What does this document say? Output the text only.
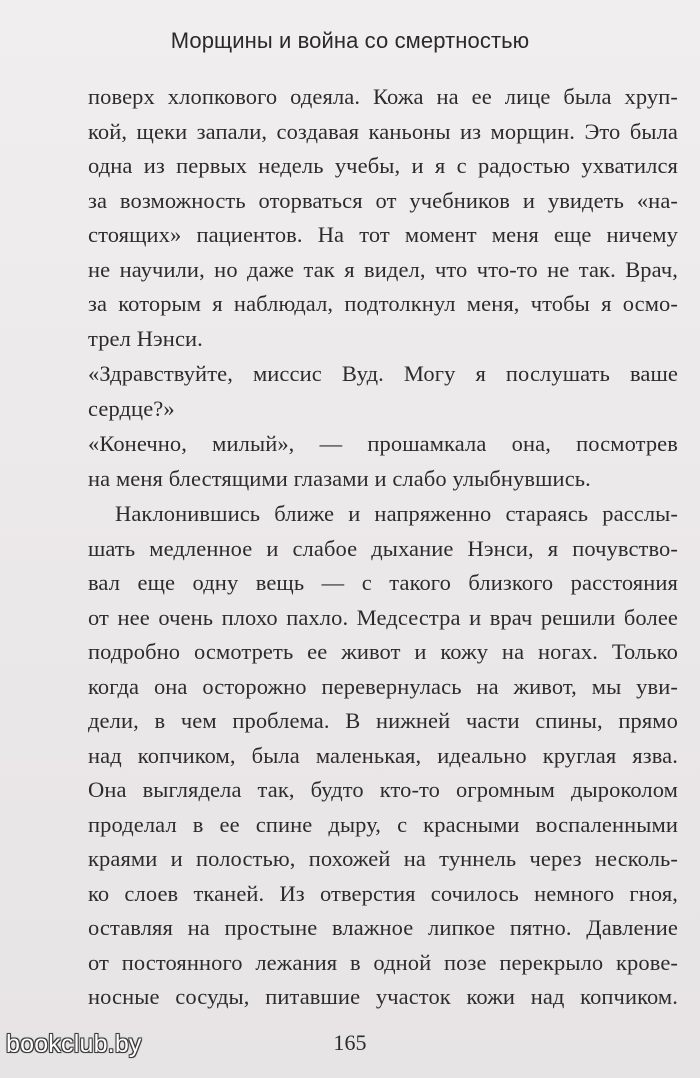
Морщины и война со смертностью
поверх хлопкового одеяла. Кожа на ее лице была хруп-
кой, щеки запали, создавая каньоны из морщин. Это была
одна из первых недель учебы, и я с радостью ухватился
за возможность оторваться от учебников и увидеть «на-
стоящих» пациентов. На тот момент меня еще ничему
не научили, но даже так я видел, что что-то не так. Врач,
за которым я наблюдал, подтолкнул меня, чтобы я осмо-
трел Нэнси.
«Здравствуйте, миссис Вуд. Могу я послушать ваше
сердце?»
«Конечно, милый», — прошамкала она, посмотрев
на меня блестящими глазами и слабо улыбнувшись.
Наклонившись ближе и напряженно стараясь расслы-
шать медленное и слабое дыхание Нэнси, я почувство-
вал еще одну вещь — с такого близкого расстояния
от нее очень плохо пахло. Медсестра и врач решили более
подробно осмотреть ее живот и кожу на ногах. Только
когда она осторожно перевернулась на живот, мы уви-
дели, в чем проблема. В нижней части спины, прямо
над копчиком, была маленькая, идеально круглая язва.
Она выглядела так, будто кто-то огромным дыроколом
проделал в ее спине дыру, с красными воспаленными
краями и полостью, похожей на туннель через несколь-
ко слоев тканей. Из отверстия сочилось немного гноя,
оставляя на простыне влажное липкое пятно. Давление
от постоянного лежания в одной позе перекрыло крове-
носные сосуды, питавшие участок кожи над копчиком.
165
bookclub.by
